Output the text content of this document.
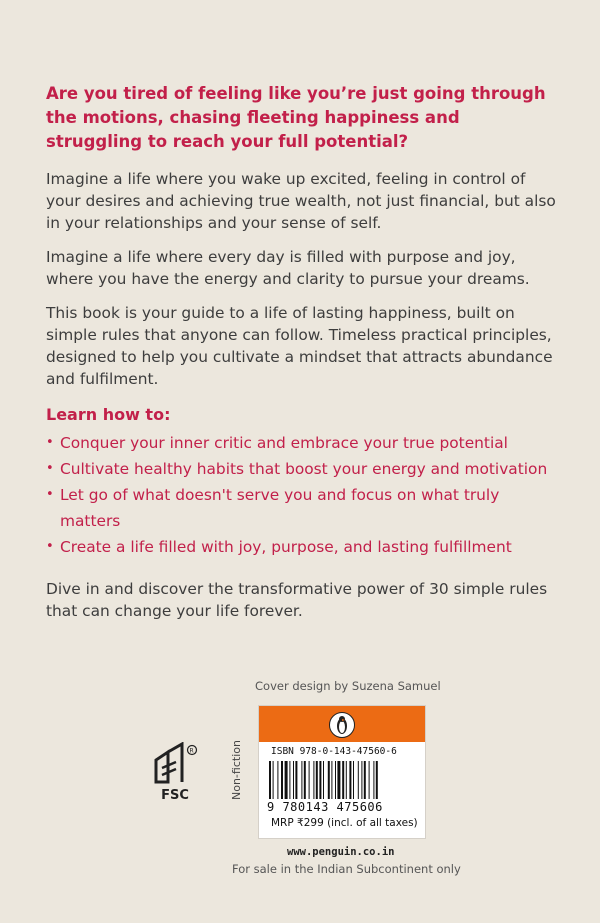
Are you tired of feeling like you’re just going through the motions, chasing fleeting happiness and struggling to reach your full potential?

Imagine a life where you wake up excited, feeling in control of your desires and achieving true wealth, not just financial, but also in your relationships and your sense of self.

Imagine a life where every day is filled with purpose and joy, where you have the energy and clarity to pursue your dreams.

This book is your guide to a life of lasting happiness, built on simple rules that anyone can follow. Timeless practical principles, designed to help you cultivate a mindset that attracts abundance and fulfilment.

Learn how to:
• Conquer your inner critic and embrace your true potential
• Cultivate healthy habits that boost your energy and motivation
• Let go of what doesn't serve you and focus on what truly matters
• Create a life filled with joy, purpose, and lasting fulfillment

Dive in and discover the transformative power of 30 simple rules that can change your life forever.

Cover design by Suzena Samuel
R
FSC	Non-fiction	ISBN 978-0-143-47560-6
9 780143 475606
MRP ₹299 (incl. of all taxes)
www.penguin.co.in
For sale in the Indian Subcontinent only
